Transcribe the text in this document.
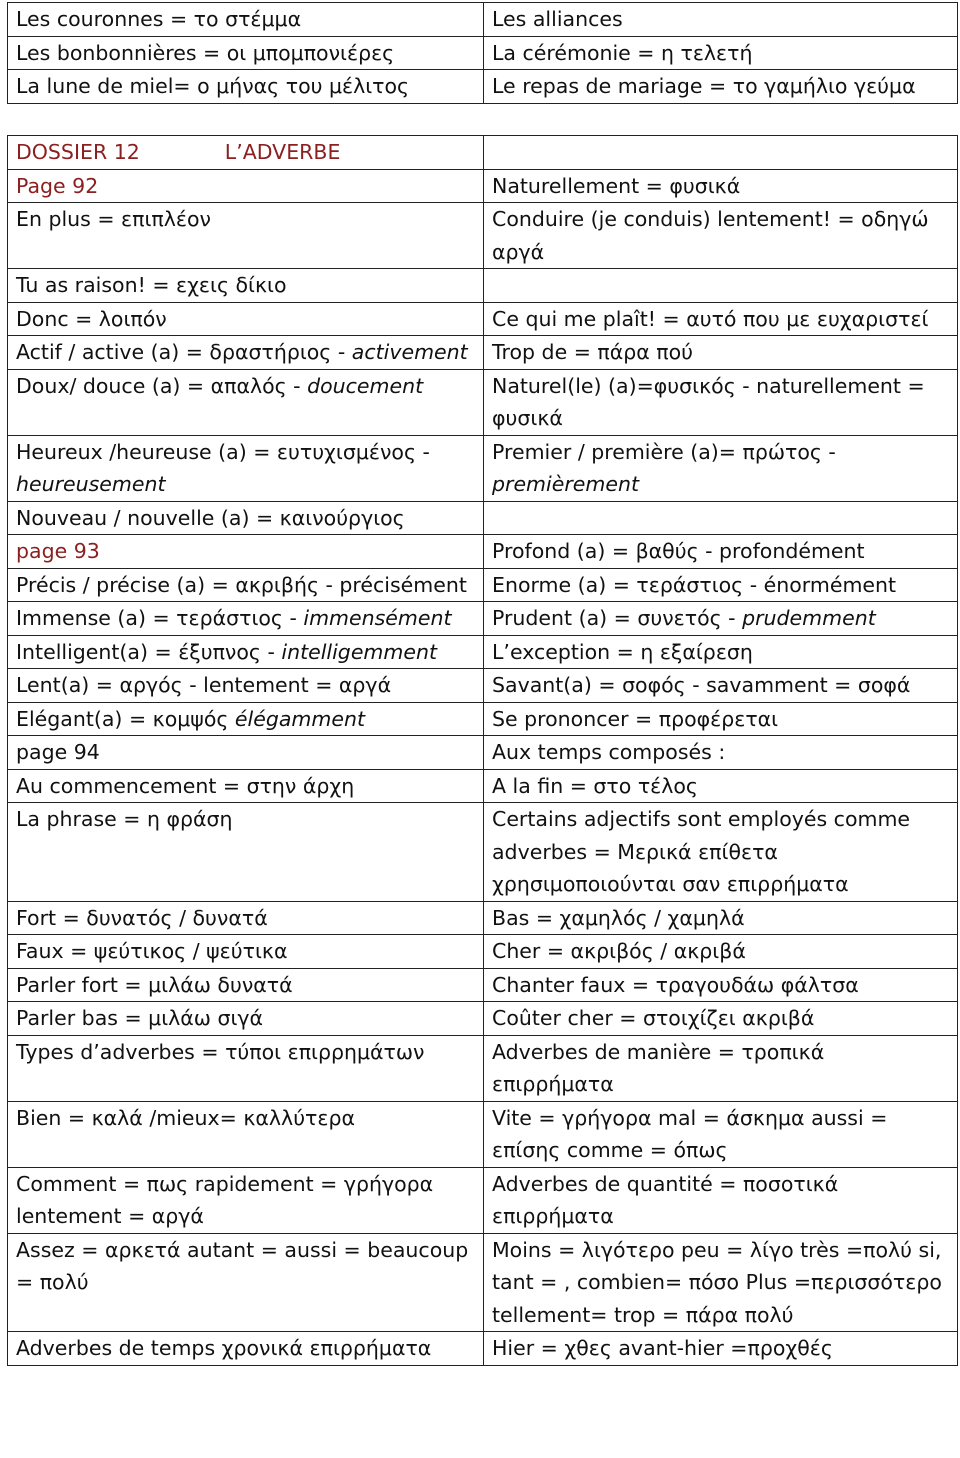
Les couronnes = το στέμμα	Les alliances
Les bonbonnières = οι μπομπονιέρες	La cérémonie = η τελετή
La lune de miel= ο μήνας του μέλιτος	Le repas de mariage = το γαμήλιο γεύμα
DOSSIER 12 L’ADVERBE	
Page 92	Naturellement = φυσικά
En plus = επιπλέον	Conduire (je conduis) lentement! = οδηγώ αργά
Tu as raison! = εχεις δίκιο	
Donc = λοιπόν	Ce qui me plaît! = αυτό που με ευχαριστεί
Actif / active (a) = δραστήριος - activement	Trop de = πάρα πού
Doux/ douce (a) = απαλός - doucement	Naturel(le) (a)=φυσικός - naturellement = φυσικά
Heureux /heureuse (a) = ευτυχισμένος - heureusement	Premier / première (a)= πρώτος - premièrement
Nouveau / nouvelle (a) = καινούργιος	
page 93	Profond (a) = βαθύς - profondément
Précis / précise (a) = ακριβής - précisément	Enorme (a) = τεράστιος - énormément
Immense (a) = τεράστιος - immensément	Prudent (a) = συνετός - prudemment
Intelligent(a) = έξυπνος - intelligemment	L’exception = η εξαίρεση
Lent(a) = αργός - lentement = αργά	Savant(a) = σοφός - savamment = σοφά
Elégant(a) = κομψός élégamment	Se prononcer = προφέρεται
page 94	Aux temps composés :
Au commencement = στην άρχη	A la fin = στο τέλος
La phrase = η φράση	Certains adjectifs sont employés comme adverbes = Μερικά επίθετα χρησιμοποιούνται σαν επιρρήματα
Fort = δυνατός / δυνατά	Bas = χαμηλός / χαμηλά
Faux = ψεύτικος / ψεύτικα	Cher = ακριβός / ακριβά
Parler fort = μιλάω δυνατά	Chanter faux = τραγουδάω φάλτσα
Parler bas = μιλάω σιγά	Coûter cher = στοιχίζει ακριβά
Types d’adverbes = τύποι επιρρημάτων	Adverbes de manière = τροπικά επιρρήματα
Bien = καλά /mieux= καλλύτερα	Vite = γρήγορα mal = άσκημα aussi = επίσης comme = όπως
Comment = πως rapidement = γρήγορα lentement = αργά	Adverbes de quantité = ποσοτικά επιρρήματα
Assez = αρκετά autant = aussi = beaucoup = πολύ	Moins = λιγότερο peu = λίγο très =πολύ si, tant = , combien= πόσο Plus =περισσότερο tellement= trop = πάρα πολύ
Adverbes de temps χρονικά επιρρήματα	Hier = χθες avant-hier =προχθές
